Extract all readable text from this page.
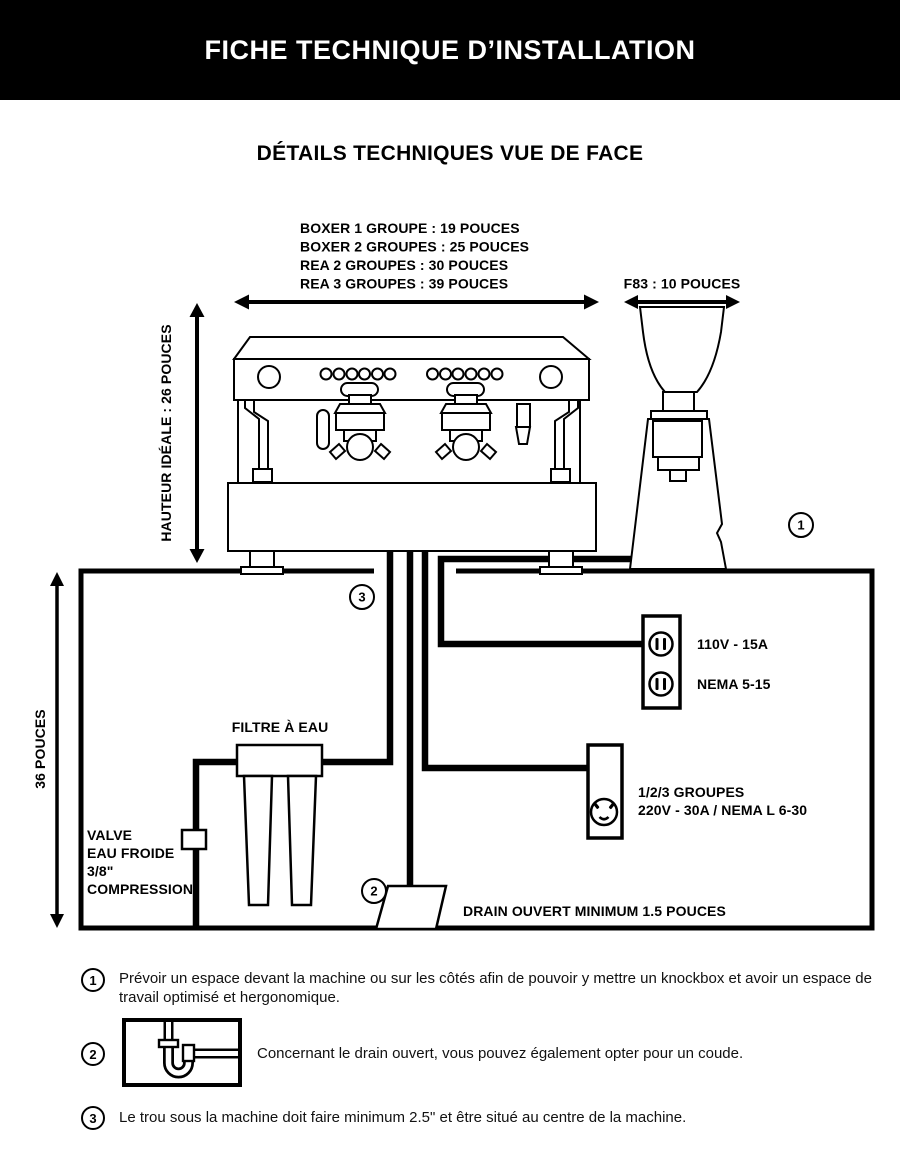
FICHE TECHNIQUE D’INSTALLATION
DÉTAILS TECHNIQUES VUE DE FACE
36 POUCES
110V - 15A
NEMA 5-15
1/2/3 GROUPES
220V - 30A / NEMA L 6-30
FILTRE À EAU
VALVE
EAU FROIDE
3/8"
COMPRESSION
DRAIN OUVERT MINIMUM 1.5 POUCES
BOXER 1 GROUPE : 19 POUCES
BOXER 2 GROUPES : 25 POUCES
REA 2 GROUPES : 30 POUCES
REA 3 GROUPES : 39 POUCES	F83 : 10 POUCES
HAUTEUR IDÉALE : 26 POUCES	1
3
2
1 Prévoir un espace devant la machine ou sur les côtés afin de pouvoir y mettre un knockbox et avoir un espace de travail optimisé et hergonomique.
2	Concernant le drain ouvert, vous pouvez également opter pour un coude.
3 Le trou sous la machine doit faire minimum 2.5" et être situé au centre de la machine.
